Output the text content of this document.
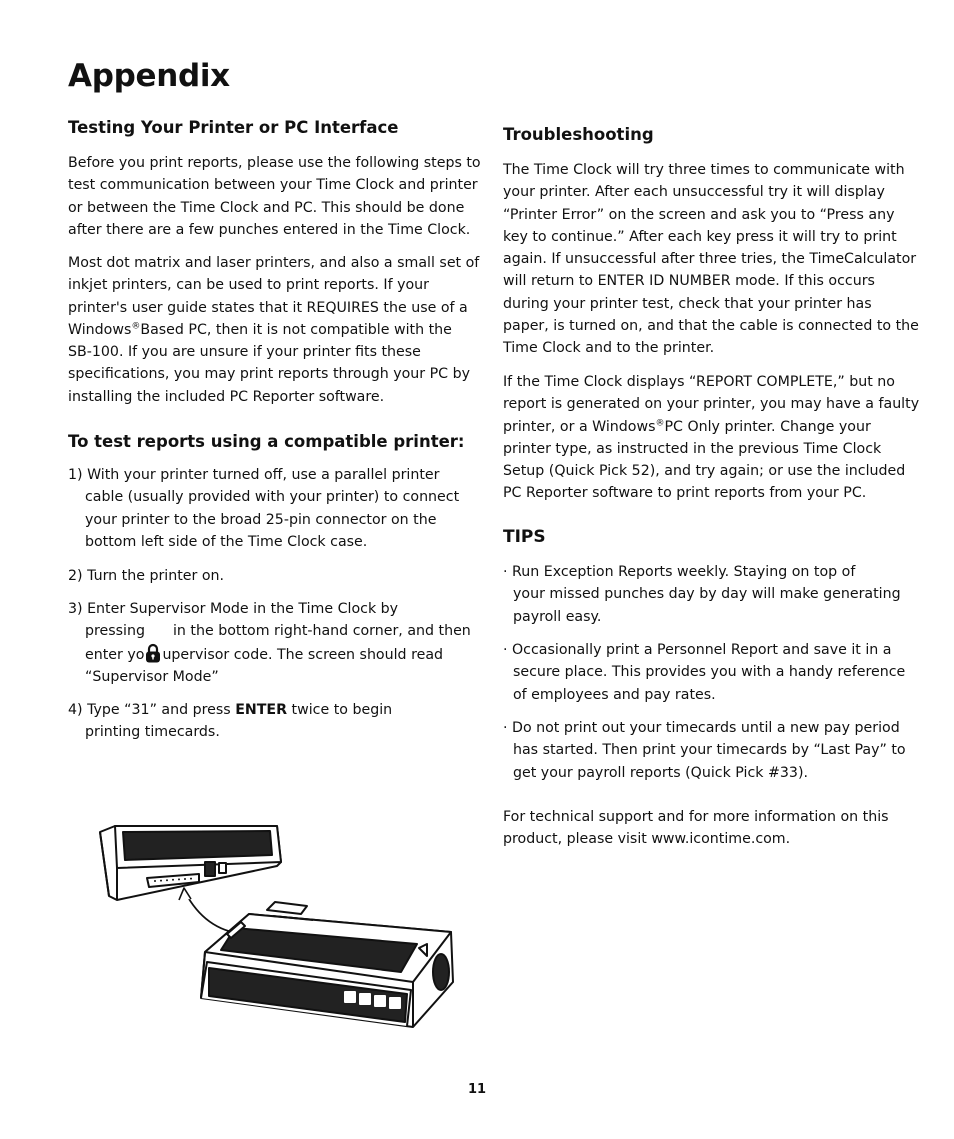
Appendix
Testing Your Printer or PC Interface

Before you print reports, please use the following steps to
test communication between your Time Clock and printer
or between the Time Clock and PC. This should be done
after there are a few punches entered in the Time Clock.

Most dot matrix and laser printers, and also a small set of
inkjet printers, can be used to print reports. If your
printer's user guide states that it REQUIRES the use of a
Windows®Based PC, then it is not compatible with the
SB-100. If you are unsure if your printer fits these
specifications, you may print reports through your PC by
installing the included PC Reporter software.

To test reports using a compatible printer:

1) With your printer turned off, use a parallel printer
cable (usually provided with your printer) to connect
your printer to the broad 25-pin connector on the
bottom left side of the Time Clock case.

2) Turn the printer on.

3) Enter Supervisor Mode in the Time Clock by
pressing in the bottom right-hand corner, and then
enter yo upervisor code. The screen should read
“Supervisor Mode”

4) Type “31” and press ENTER twice to begin
printing timecards.

Troubleshooting

The Time Clock will try three times to communicate with
your printer. After each unsuccessful try it will display
“Printer Error” on the screen and ask you to “Press any
key to continue.” After each key press it will try to print
again. If unsuccessful after three tries, the TimeCalculator
will return to ENTER ID NUMBER mode. If this occurs
during your printer test, check that your printer has
paper, is turned on, and that the cable is connected to the
Time Clock and to the printer.

If the Time Clock displays “REPORT COMPLETE,” but no
report is generated on your printer, you may have a faulty
printer, or a Windows®PC Only printer. Change your
printer type, as instructed in the previous Time Clock
Setup (Quick Pick 52), and try again; or use the included
PC Reporter software to print reports from your PC.

TIPS

· Run Exception Reports weekly. Staying on top of
your missed punches day by day will make generating
payroll easy.

· Occasionally print a Personnel Report and save it in a
secure place. This provides you with a handy reference
of employees and pay rates.

· Do not print out your timecards until a new pay period
has started. Then print your timecards by “Last Pay” to
get your payroll reports (Quick Pick #33).

For technical support and for more information on this
product, please visit www.icontime.com.

11
